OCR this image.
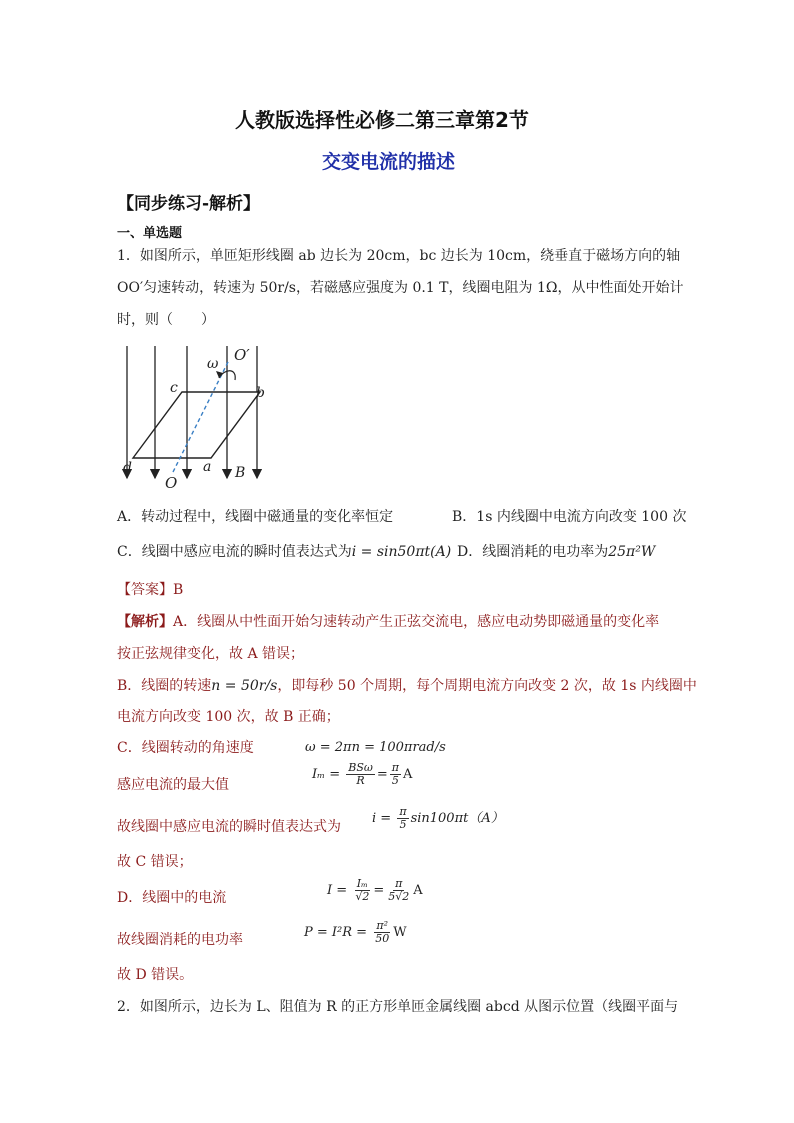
人教版选择性必修二第三章第2节
交变电流的描述
【同步练习-解析】
一、单选题
1．如图所示，单匝矩形线圈 ab 边长为 20cm，bc 边长为 10cm，绕垂直于磁场方向的轴
OO′匀速转动，转速为 50r/s，若磁感应强度为 0.1 T，线圈电阻为 1Ω，从中性面处开始计
时，则（　　）
ω O′
c	b
d	a B
O
A．转动过程中，线圈中磁通量的变化率恒定	B．1s 内线圈中电流方向改变 100 次
C．线圈中感应电流的瞬时值表达式为i = sin50πt(A) D．线圈消耗的电功率为25π²W
【答案】B
【解析】A．线圈从中性面开始匀速转动产生正弦交流电，感应电动势即磁通量的变化率
按正弦规律变化，故 A 错误；
B．线圈的转速n = 50r/s，即每秒 50 个周期，每个周期电流方向改变 2 次，故 1s 内线圈中
电流方向改变 100 次，故 B 正确；
C．线圈转动的角速度	ω = 2πn = 100πrad/s
感应电流的最大值
$I_m = \frac{\text{BSω}}{R} = \frac{\pi}{5}$ A
故线圈中感应电流的瞬时值表达式为
$i = \frac{\pi}{5} \sin 100\pi t(A)$
故 C 错误；
D．线圈中的电流	$I = \frac{\text{Iₘ}}{√2} = \frac{\pi}{5√2}$ A
故线圈消耗的电功率	$P = I^2R = \frac{\text{π²}}{50}$ W
故 D 错误。
2．如图所示，边长为 L、阻值为 R 的正方形单匝金属线圈 abcd 从图示位置（线圈平面与
